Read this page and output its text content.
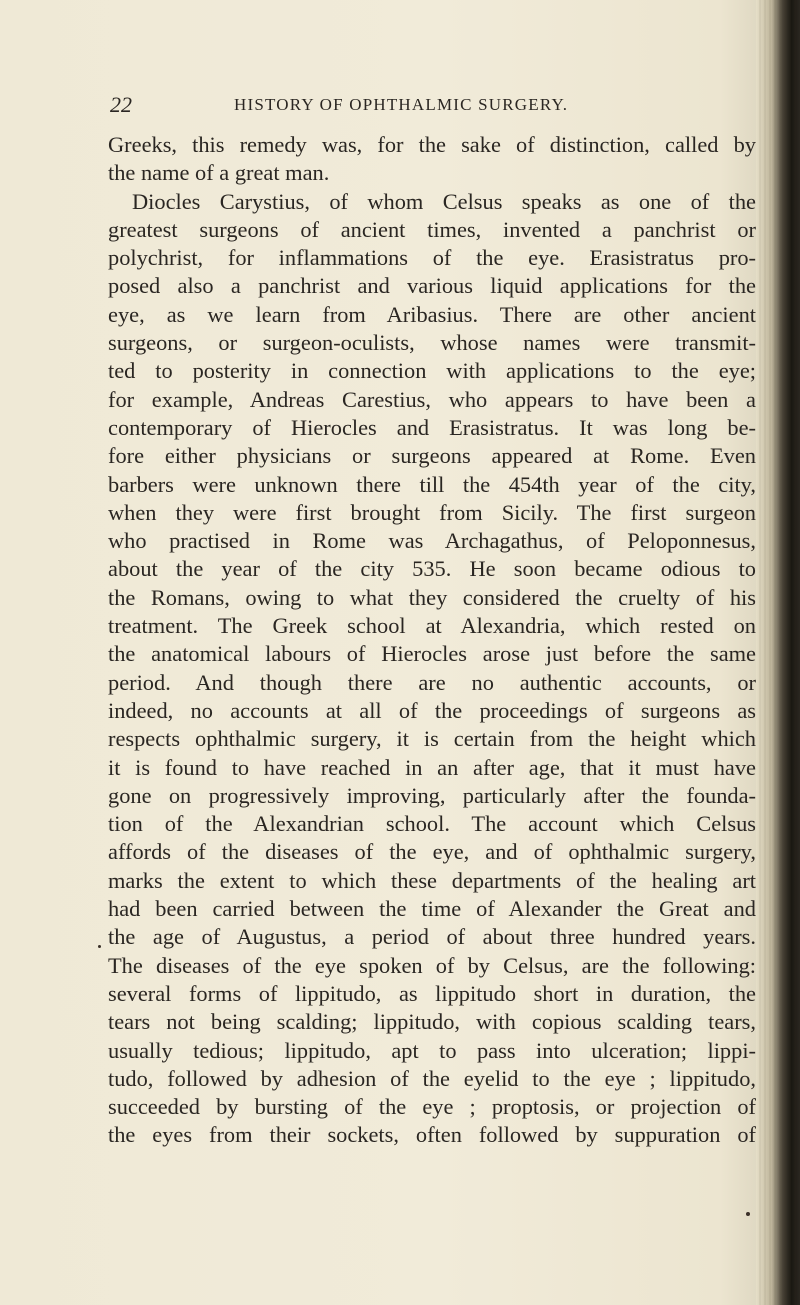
22	HISTORY OF OPHTHALMIC SURGERY.
Greeks, this remedy was, for the sake of distinction, called by
the name of a great man.
Diocles Carystius, of whom Celsus speaks as one of the
greatest surgeons of ancient times, invented a panchrist or
polychrist, for inflammations of the eye. Erasistratus pro-
posed also a panchrist and various liquid applications for the
eye, as we learn from Aribasius. There are other ancient
surgeons, or surgeon-oculists, whose names were transmit-
ted to posterity in connection with applications to the eye;
for example, Andreas Carestius, who appears to have been a
contemporary of Hierocles and Erasistratus. It was long be-
fore either physicians or surgeons appeared at Rome. Even
barbers were unknown there till the 454th year of the city,
when they were first brought from Sicily. The first surgeon
who practised in Rome was Archagathus, of Peloponnesus,
about the year of the city 535. He soon became odious to
the Romans, owing to what they considered the cruelty of his
treatment. The Greek school at Alexandria, which rested on
the anatomical labours of Hierocles arose just before the same
period. And though there are no authentic accounts, or
indeed, no accounts at all of the proceedings of surgeons as
respects ophthalmic surgery, it is certain from the height which
it is found to have reached in an after age, that it must have
gone on progressively improving, particularly after the founda-
tion of the Alexandrian school. The account which Celsus
affords of the diseases of the eye, and of ophthalmic surgery,
marks the extent to which these departments of the healing art
had been carried between the time of Alexander the Great and
the age of Augustus, a period of about three hundred years.
The diseases of the eye spoken of by Celsus, are the following:
several forms of lippitudo, as lippitudo short in duration, the
tears not being scalding; lippitudo, with copious scalding tears,
usually tedious; lippitudo, apt to pass into ulceration; lippi-
tudo, followed by adhesion of the eyelid to the eye ; lippitudo,
succeeded by bursting of the eye ; proptosis, or projection of
the eyes from their sockets, often followed by suppuration of
